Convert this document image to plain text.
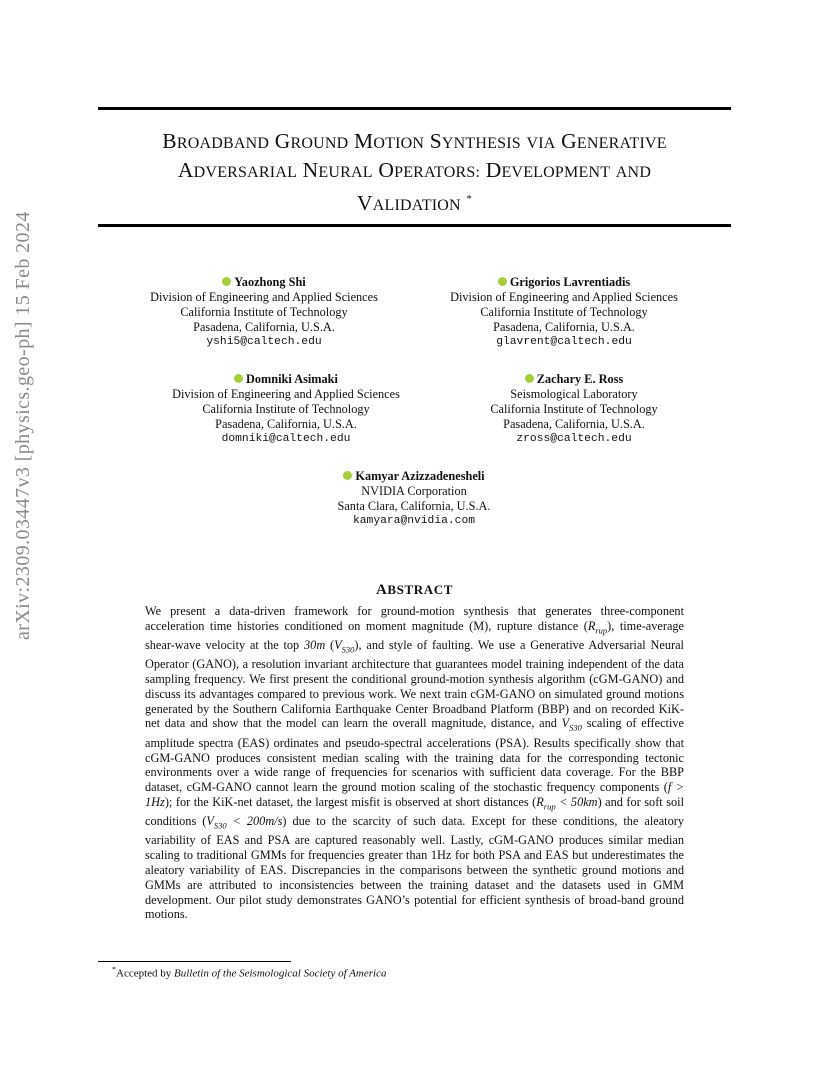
arXiv:2309.03447v3 [physics.geo-ph] 15 Feb 2024
BROADBAND GROUND MOTION SYNTHESIS VIA GENERATIVE
ADVERSARIAL NEURAL OPERATORS: DEVELOPMENT AND
VALIDATION *
Yaozhong Shi
Division of Engineering and Applied Sciences
California Institute of Technology
Pasadena, California, U.S.A.
yshi5@caltech.edu
Grigorios Lavrentiadis
Division of Engineering and Applied Sciences
California Institute of Technology
Pasadena, California, U.S.A.
glavrent@caltech.edu
Domniki Asimaki
Division of Engineering and Applied Sciences
California Institute of Technology
Pasadena, California, U.S.A.
domniki@caltech.edu
Zachary E. Ross
Seismological Laboratory
California Institute of Technology
Pasadena, California, U.S.A.
zross@caltech.edu
Kamyar Azizzadenesheli
NVIDIA Corporation
Santa Clara, California, U.S.A.
kamyara@nvidia.com
ABSTRACT

We present a data-driven framework for ground-motion synthesis that generates three-component acceleration time histories conditioned on moment magnitude (M), rupture distance $(R_{rup})$, time-average shear-wave velocity at the top 30m $(V_{S30})$, and style of faulting. We use a Generative Adversarial Neural Operator (GANO), a resolution invariant architecture that guarantees model training independent of the data sampling frequency. We first present the conditional ground-motion synthesis algorithm (cGM-GANO) and discuss its advantages compared to previous work. We next train cGM-GANO on simulated ground motions generated by the Southern California Earthquake Center Broadband Platform (BBP) and on recorded KiK-net data and show that the model can learn the overall magnitude, distance, and $V_{S30}$ scaling of effective amplitude spectra (EAS) ordinates and pseudo-spectral accelerations (PSA). Results specifically show that cGM-GANO produces consistent median scaling with the training data for the corresponding tectonic environments over a wide range of frequencies for scenarios with sufficient data coverage. For the BBP dataset, cGM-GANO cannot learn the ground motion scaling of the stochastic frequency components (f > 1Hz); for the KiK-net dataset, the largest misfit is observed at short distances $(R_{rup} < 50km)$ and for soft soil conditions $(V_{S30} < 200m/s)$ due to the scarcity of such data. Except for these conditions, the aleatory variability of EAS and PSA are captured reasonably well. Lastly, cGM-GANO produces similar median scaling to traditional GMMs for frequencies greater than 1Hz for both PSA and EAS but underestimates the aleatory variability of EAS. Discrepancies in the comparisons between the synthetic ground motions and GMMs are attributed to inconsistencies between the training dataset and the datasets used in GMM development. Our pilot study demonstrates GANO’s potential for efficient synthesis of broad-band ground motions.

*Accepted by Bulletin of the Seismological Society of America
